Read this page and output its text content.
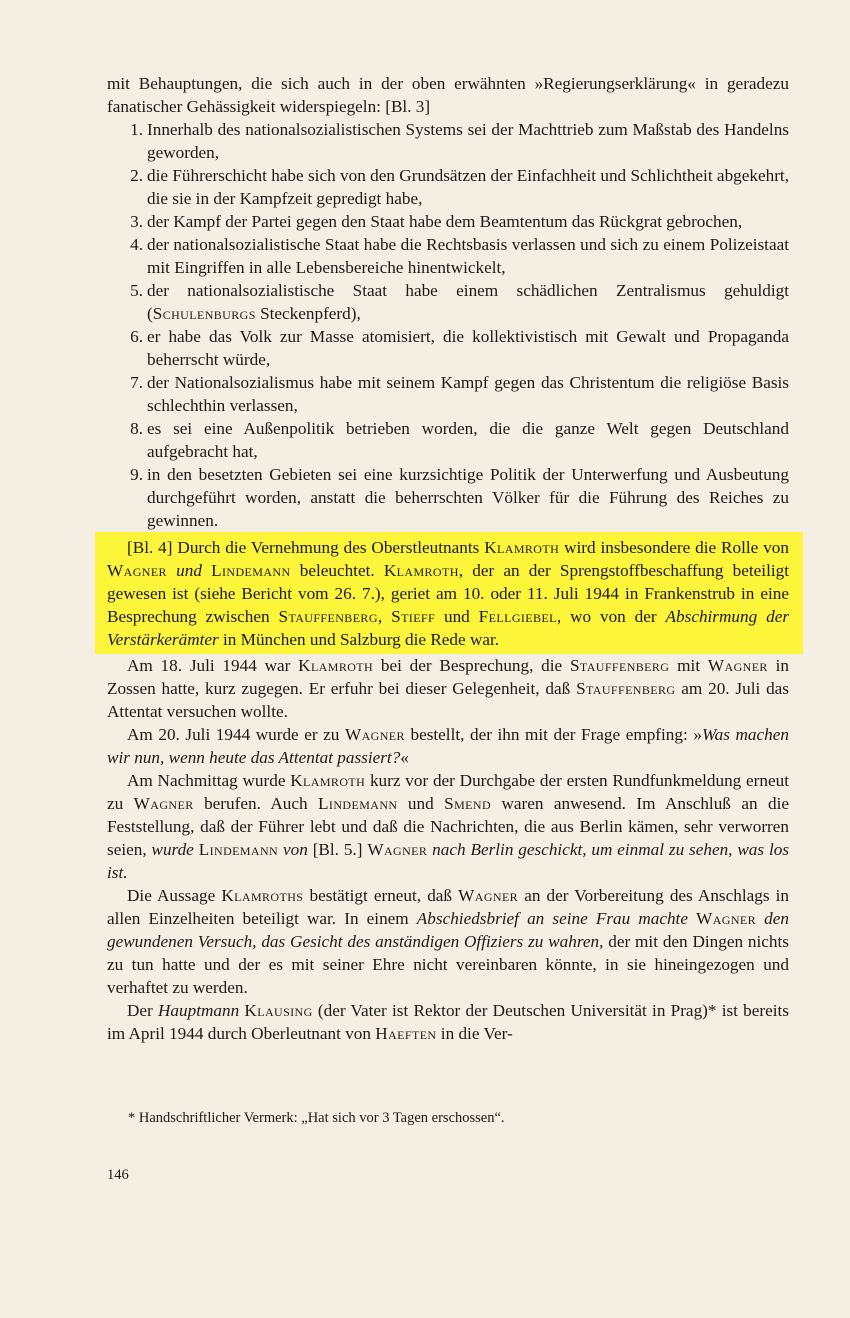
mit Behauptungen, die sich auch in der oben erwähnten »Regierungserklärung« in geradezu fanatischer Gehässigkeit widerspiegeln: [Bl. 3]

1. Innerhalb des nationalsozialistischen Systems sei der Machttrieb zum Maßstab des Handelns geworden,
2. die Führerschicht habe sich von den Grundsätzen der Einfachheit und Schlichtheit abgekehrt, die sie in der Kampfzeit gepredigt habe,
3. der Kampf der Partei gegen den Staat habe dem Beamtentum das Rückgrat gebrochen,
4. der nationalsozialistische Staat habe die Rechtsbasis verlassen und sich zu einem Polizeistaat mit Eingriffen in alle Lebensbereiche hinentwickelt,
5. der nationalsozialistische Staat habe einem schädlichen Zentralismus gehuldigt (Schulenburgs Steckenpferd),
6. er habe das Volk zur Masse atomisiert, die kollektivistisch mit Gewalt und Propaganda beherrscht würde,
7. der Nationalsozialismus habe mit seinem Kampf gegen das Christentum die religiöse Basis schlechthin verlassen,
8. es sei eine Außenpolitik betrieben worden, die die ganze Welt gegen Deutschland aufgebracht hat,
9. in den besetzten Gebieten sei eine kurzsichtige Politik der Unterwerfung und Ausbeutung durchgeführt worden, anstatt die beherrschten Völker für die Führung des Reiches zu gewinnen.

[Bl. 4] Durch die Vernehmung des Oberstleutnants Klamroth wird insbesondere die Rolle von Wagner und Lindemann beleuchtet. Klamroth, der an der Sprengstoffbeschaffung beteiligt gewesen ist (siehe Bericht vom 26. 7.), geriet am 10. oder 11. Juli 1944 in Frankenstrub in eine Besprechung zwischen Stauffenberg, Stieff und Fellgiebel, wo von der Abschirmung der Verstärkerämter in München und Salzburg die Rede war.

Am 18. Juli 1944 war Klamroth bei der Besprechung, die Stauffenberg mit Wagner in Zossen hatte, kurz zugegen. Er erfuhr bei dieser Gelegenheit, daß Stauffenberg am 20. Juli das Attentat versuchen wollte.

Am 20. Juli 1944 wurde er zu Wagner bestellt, der ihn mit der Frage empfing: »Was machen wir nun, wenn heute das Attentat passiert?«

Am Nachmittag wurde Klamroth kurz vor der Durchgabe der ersten Rundfunkmeldung erneut zu Wagner berufen. Auch Lindemann und Smend waren anwesend. Im Anschluß an die Feststellung, daß der Führer lebt und daß die Nachrichten, die aus Berlin kämen, sehr verworren seien, wurde Lindemann von [Bl. 5.] Wagner nach Berlin geschickt, um einmal zu sehen, was los ist.

Die Aussage Klamroths bestätigt erneut, daß Wagner an der Vorbereitung des Anschlags in allen Einzelheiten beteiligt war. In einem Abschiedsbrief an seine Frau machte Wagner den gewundenen Versuch, das Gesicht des anständigen Offiziers zu wahren, der mit den Dingen nichts zu tun hatte und der es mit seiner Ehre nicht vereinbaren könnte, in sie hineingezogen und verhaftet zu werden.

Der Hauptmann Klausing (der Vater ist Rektor der Deutschen Universität in Prag)* ist bereits im April 1944 durch Oberleutnant von Haeften in die Ver-

* Handschriftlicher Vermerk: „Hat sich vor 3 Tagen erschossen“.
146
